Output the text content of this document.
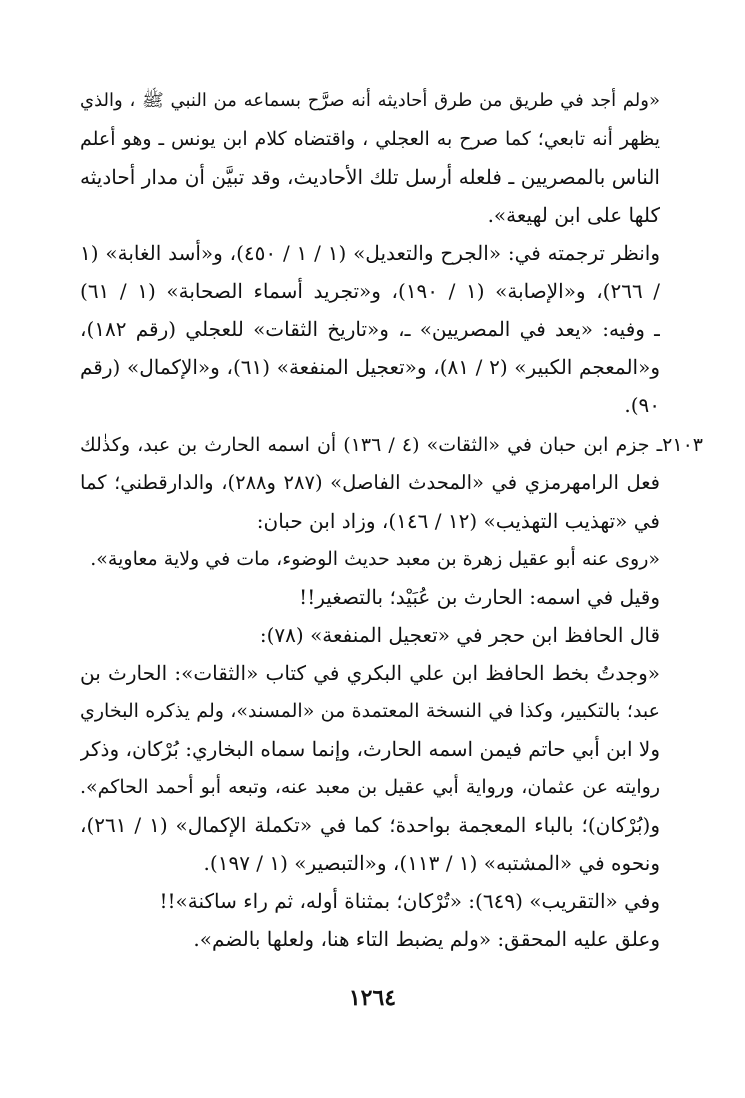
«ولم أجد في طريق من طرق أحاديثه أنه صرَّح بسماعه من النبي ﷺ ، والذي
يظهر أنه تابعي؛ كما صرح به العجلي ، واقتضاه كلام ابن يونس ـ وهو أعلم
الناس بالمصريين ـ فلعله أرسل تلك الأحاديث، وقد تبيَّن أن مدار أحاديثه
كلها على ابن لهيعة».
وانظر ترجمته في: «الجرح والتعديل» (١ / ١ / ٤٥٠)، و«أسد الغابة» (١
/ ٢٦٦)، و«الإصابة» (١ / ١٩٠)، و«تجريد أسماء الصحابة» (١ / ٦١)
ـ وفيه: «يعد في المصريين» ـ، و«تاريخ الثقات» للعجلي (رقم ١٨٢)،
و«المعجم الكبير» (٢ / ٨١)، و«تعجيل المنفعة» (٦١)، و«الإكمال» (رقم
٩٠).
٢١٠٣ـ جزم ابن حبان في «الثقات» (٤ / ١٣٦) أن اسمه الحارث بن عبد، وكذٰلك
فعل الرامهرمزي في «المحدث الفاصل» (٢٨٧ و٢٨٨)، والدارقطني؛ كما
في «تهذيب التهذيب» (١٢ / ١٤٦)، وزاد ابن حبان:
«روى عنه أبو عقيل زهرة بن معبد حديث الوضوء، مات في ولاية معاوية».
وقيل في اسمه: الحارث بن عُبَيْد؛ بالتصغير!!
قال الحافظ ابن حجر في «تعجيل المنفعة» (٧٨):
«وجدتُ بخط الحافظ ابن علي البكري في كتاب «الثقات»: الحارث بن
عبد؛ بالتكبير، وكذا في النسخة المعتمدة من «المسند»، ولم يذكره البخاري
ولا ابن أبي حاتم فيمن اسمه الحارث، وإنما سماه البخاري: بُرْكان، وذكر
روايته عن عثمان، ورواية أبي عقيل بن معبد عنه، وتبعه أبو أحمد الحاكم».
و(بُرْكان)؛ بالباء المعجمة بواحدة؛ كما في «تكملة الإكمال» (١ / ٢٦١)،
ونحوه في «المشتبه» (١ / ١١٣)، و«التبصير» (١ / ١٩٧).
وفي «التقريب» (٦٤٩): «تُرْكان؛ بمثناة أوله، ثم راء ساكنة»!!
وعلق عليه المحقق: «ولم يضبط التاء هنا، ولعلها بالضم».
١٢٦٤
